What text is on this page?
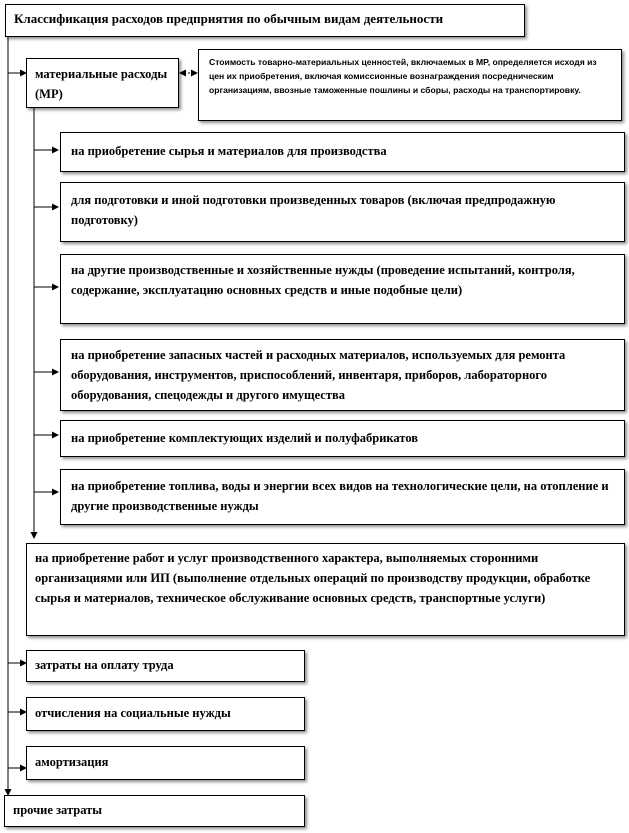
Классификация расходов предприятия по обычным видам деятельности
материальные расходы (МР)
Стоимость товарно-материальных ценностей, включаемых в МР, определяется исходя из цен их приобретения, включая комиссионные вознаграждения посредническим организациям, ввозные таможенные пошлины и сборы, расходы на транспортировку.
на приобретение сырья и материалов для производства
для подготовки и иной подготовки произведенных товаров (включая предпродажную подготовку)
на другие производственные и хозяйственные нужды (проведение испытаний, контроля, содержание, эксплуатацию основных средств и иные подобные цели)
на приобретение запасных частей и расходных материалов, используемых для ремонта оборудования, инструментов, приспособлений, инвентаря, приборов, лабораторного оборудования, спецодежды и другого имущества
на приобретение комплектующих изделий и полуфабрикатов
на приобретение топлива, воды и энергии всех видов на технологические цели, на отопление и другие производственные нужды
на приобретение работ и услуг производственного характера, выполняемых сторонними организациями или ИП (выполнение отдельных операций по производству продукции, обработке сырья и материалов, техническое обслуживание основных средств, транспортные услуги)
затраты на оплату труда
отчисления на социальные нужды
амортизация
прочие затраты
